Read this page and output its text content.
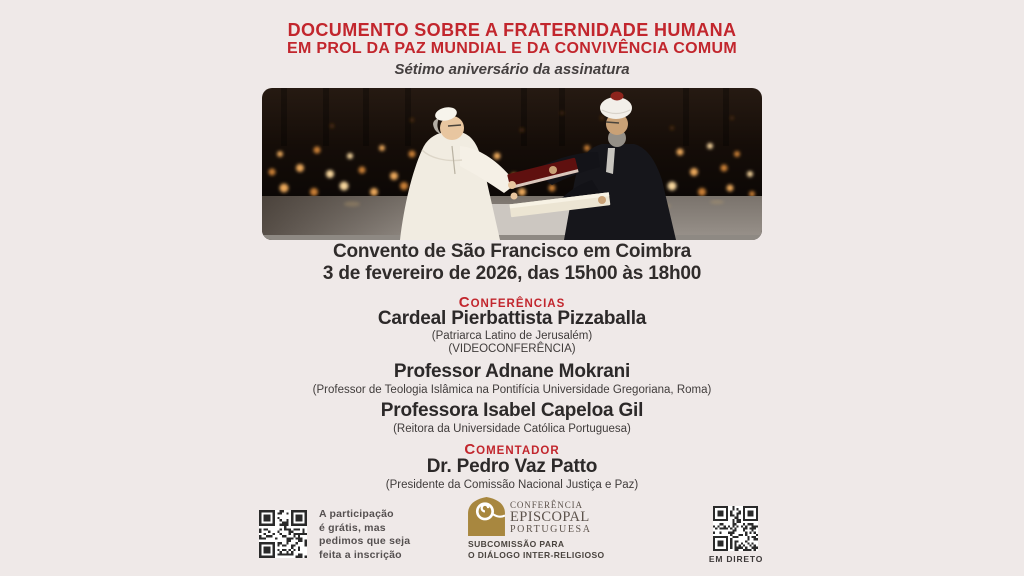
DOCUMENTO SOBRE A FRATERNIDADE HUMANA
EM PROL DA PAZ MUNDIAL E DA CONVIVÊNCIA COMUM
Sétimo aniversário da assinatura
Convento de São Francisco em Coimbra
3 de fevereiro de 2026, das 15h00 às 18h00
CONFERÊNCIAS
Cardeal Pierbattista Pizzaballa
(Patriarca Latino de Jerusalém)
(VIDEOCONFERÊNCIA)
Professor Adnane Mokrani
(Professor de Teologia Islâmica na Pontifícia Universidade Gregoriana, Roma)
Professora Isabel Capeloa Gil
(Reitora da Universidade Católica Portuguesa)
COMENTADOR
Dr. Pedro Vaz Patto
(Presidente da Comissão Nacional Justiça e Paz)
A participação
é grátis, mas
pedimos que seja
feita a inscrição
CONFERÊNCIA
EPISCOPAL
PORTUGUESA
SUBCOMISSÃO PARA
O DIÁLOGO INTER-RELIGIOSO	EM DIRETO
